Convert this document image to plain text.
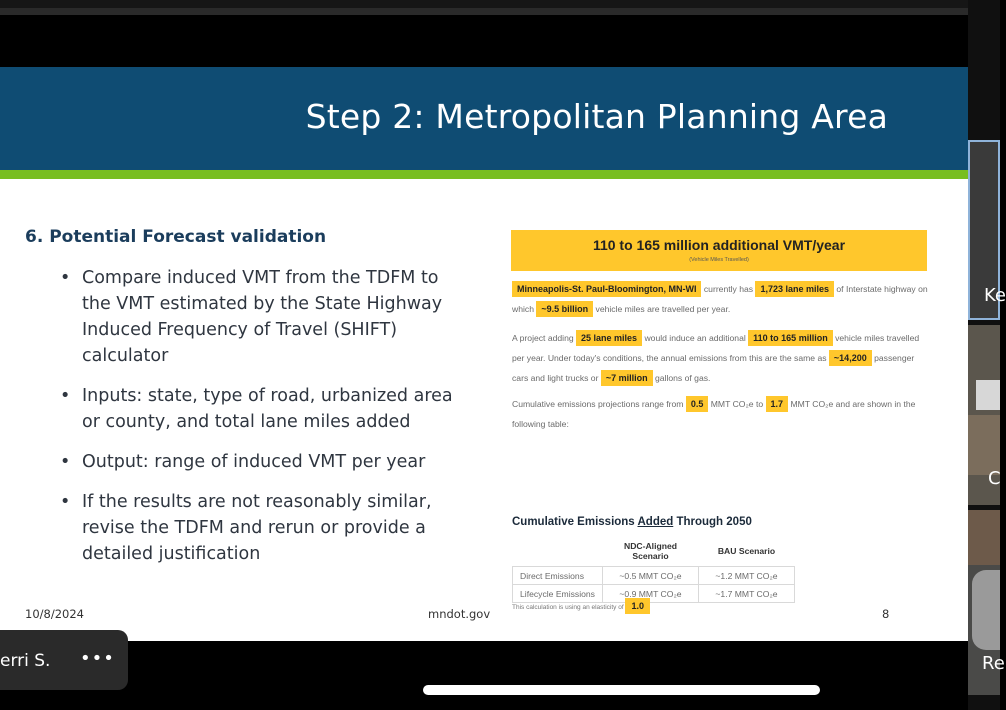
Step 2: Metropolitan Planning Area
6. Potential Forecast validation
• Compare induced VMT from the TDFM to the VMT estimated by the State Highway Induced Frequency of Travel (SHIFT) calculator
• Inputs: state, type of road, urbanized area or county, and total lane miles added
• Output: range of induced VMT per year
• If the results are not reasonably similar, revise the TDFM and rerun or provide a detailed justification
110 to 165 million additional VMT/year
(Vehicle Miles Travelled)
Minneapolis-St. Paul-Bloomington, MN-WI currently has 1,723 lane miles of Interstate highway on which ~9.5 billion vehicle miles are travelled per year.
A project adding 25 lane miles would induce an additional 110 to 165 million vehicle miles travelled per year. Under today's conditions, the annual emissions from this are the same as ~14,200 passenger cars and light trucks or ~7 million gallons of gas.
Cumulative emissions projections range from 0.5 MMT CO₂e to 1.7 MMT CO₂e and are shown in the following table:
Cumulative Emissions Added Through 2050
	NDC-Aligned Scenario	BAU Scenario
Direct Emissions	~0.5 MMT CO₂e	~1.2 MMT CO₂e
Lifecycle Emissions	~0.9 MMT CO₂e	~1.7 MMT CO₂e
This calculation is using an elasticity of 1.0
10/8/2024	mndot.gov	8
Ke
C
Re
erri S. •••
